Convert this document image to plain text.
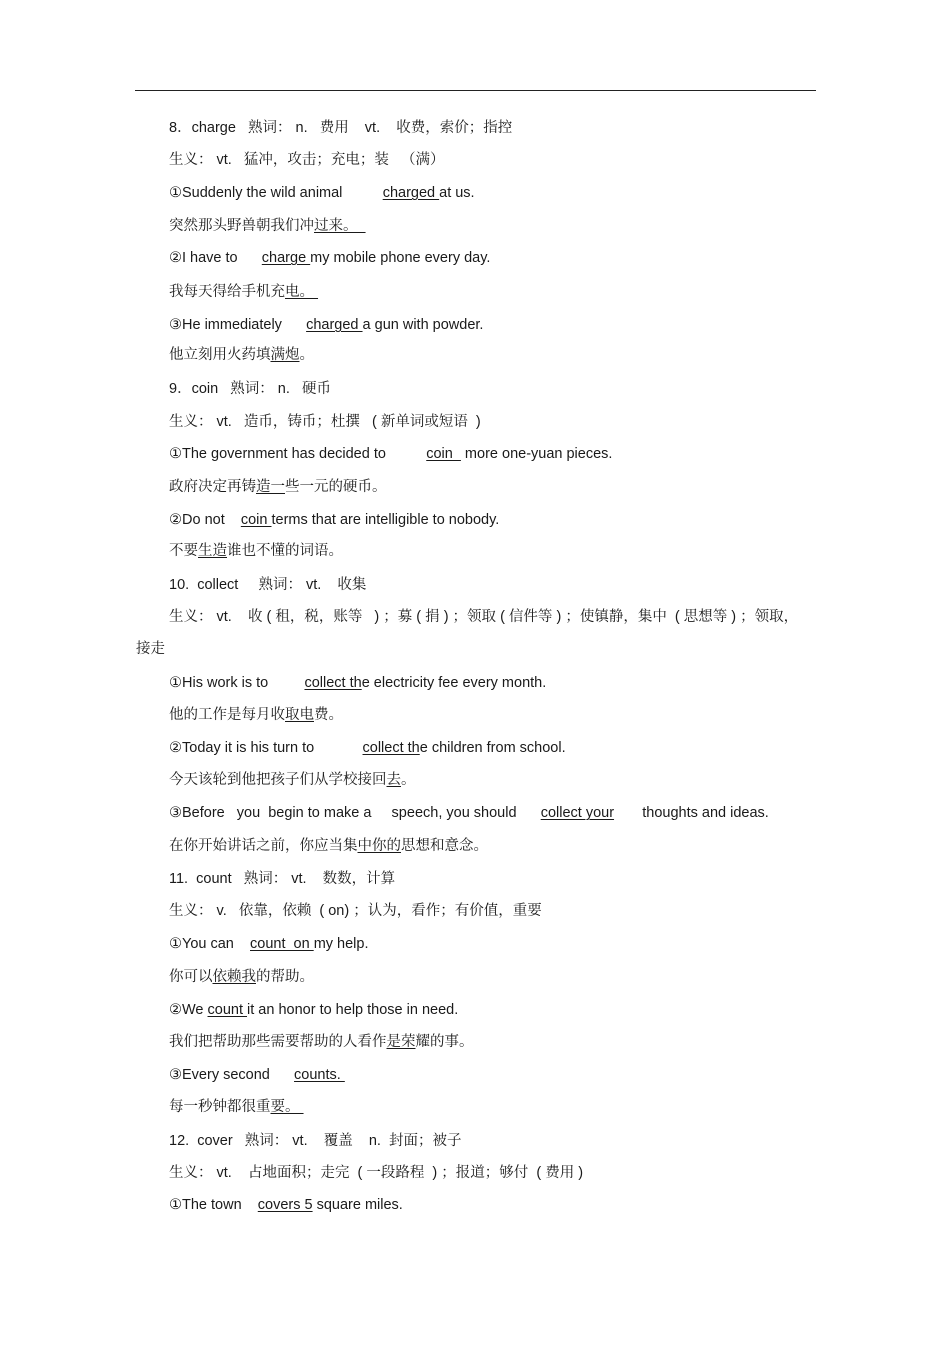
8．charge   熟词： n.   费用    vt.    收费，索价；指控
生义： vt.   猛冲，攻击；充电；装   （满）
①Suddenly the wild animal          charged at us.
突然那头野兽朝我们冲过来。
②I have to      charge my mobile phone every day.
我每天得给手机充电。
③He immediately      charged a gun with powder.
他立刻用火药填满炮。
9．coin   熟词： n.   硬币
生义： vt.   造币，铸币；杜撰   ( 新单词或短语  )
①The government has decided to          coin   more one-yuan pieces.
政府决定再铸造一些一元的硬币。
②Do not    coin terms that are intelligible to nobody.
不要生造谁也不懂的词语。
10.  collect     熟词： vt.    收集
生义： vt.    收 ( 租，税，账等   ) ；募 ( 捐 ) ；领取 ( 信件等 ) ；使镇静，集中  ( 思想等 ) ；领取，
接走
①His work is to         collect the electricity fee every month.
他的工作是每月收取电费。
②Today it is his turn to            collect the children from school.
今天该轮到他把孩子们从学校接回去。
③Before   you  begin to make a     speech, you should      collect your       thoughts and ideas.
在你开始讲话之前，你应当集中你的思想和意念。
11.  count   熟词： vt.    数数，计算
生义： v.   依靠，依赖  ( on) ；认为，看作；有价值，重要
①You can    count  on my help.
你可以依赖我的帮助。
②We count it an honor to help those in need.
我们把帮助那些需要帮助的人看作是荣耀的事。
③Every second      counts.
每一秒钟都很重要。
12.  cover   熟词： vt.    覆盖    n.  封面；被子
生义： vt.    占地面积；走完  ( 一段路程  ) ；报道；够付  ( 费用 )
①The town    covers 5 square miles.
